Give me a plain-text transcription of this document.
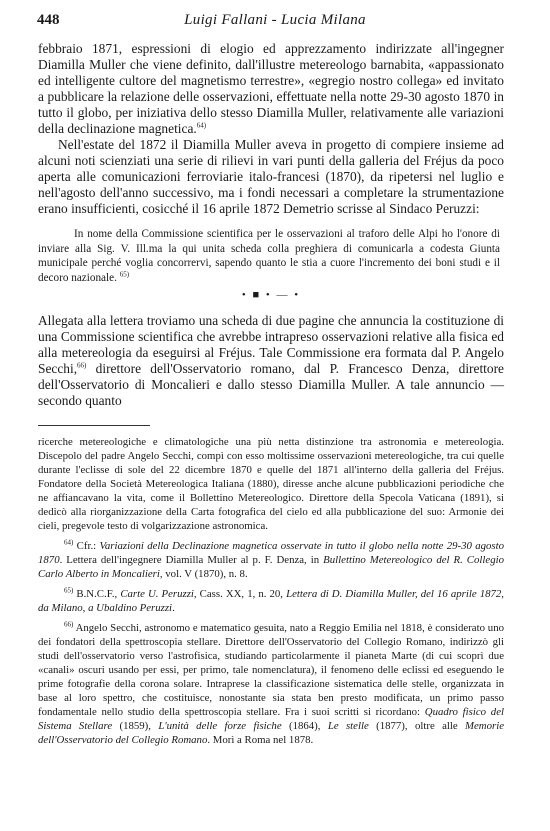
448	Luigi Fallani - Lucia Milana

febbraio 1871, espressioni di elogio ed apprezzamento indirizzate all'ingegner Diamilla Muller che viene definito, dall'illustre metereologo barnabita, «appassionato ed intelligente cultore del magnetismo terrestre», «egregio nostro collega» ed invitato a pubblicare la relazione delle osservazioni, effettuate nella notte 29-30 agosto 1870 in tutto il globo, per iniziativa dello stesso Diamilla Muller, relativamente alle variazioni della declinazione magnetica.$^{64)}$

Nell'estate del 1872 il Diamilla Muller aveva in progetto di compiere insieme ad alcuni noti scienziati una serie di rilievi in vari punti della galleria del Fréjus da poco aperta alle comunicazioni ferroviarie italo-francesi (1870), da ripetersi nel luglio e nell'agosto dell'anno successivo, ma i fondi necessari a completare la strumentazione erano insufficienti, cosicché il 16 aprile 1872 Demetrio scrisse al Sindaco Peruzzi:

In nome della Commissione scientifica per le osservazioni al traforo delle Alpi ho l'onore di inviare alla Sig. V. Ill.ma la qui unita scheda colla preghiera di comunicarla a codesta Giunta municipale perché voglia concorrervi, sapendo quanto le stia a cuore l'incremento dei boni studi e il decoro nazionale. $^{65)}$

• ■ • — •

Allegata alla lettera troviamo una scheda di due pagine che annuncia la costituzione di una Commissione scientifica che avrebbe intrapreso osservazioni relative alla fisica ed alla metereologia da eseguirsi al Fréjus. Tale Commissione era formata dal P. Angelo Secchi,$^{66)}$ direttore dell'Osservatorio romano, dal P. Francesco Denza, direttore dell'Osservatorio di Moncalieri e dallo stesso Diamilla Muller. A tale annuncio — secondo quanto

ricerche metereologiche e climatologiche una più netta distinzione tra astronomia e metereologia. Discepolo del padre Angelo Secchi, compì con esso moltissime osservazioni metereologiche, tra cui quelle durante l'eclisse di sole del 22 dicembre 1870 e quelle del 1871 all'interno della galleria del Fréjus. Fondatore della Società Metereologica Italiana (1880), diresse anche alcune pubblicazioni periodiche che ne affiancavano la vita, come il Bollettino Metereologico. Direttore della Specola Vaticana (1891), si dedicò alla riorganizzazione della Carta fotografica del cielo ed alla pubblicazione del suo: Armonie dei cieli, pregevole testo di volgarizzazione astronomica.

$^{64)}$ Cfr.: Variazioni della Declinazione magnetica osservate in tutto il globo nella notte 29-30 agosto 1870. Lettera dell'ingegnere Diamilla Muller al p. F. Denza, in Bullettino Metereologico del R. Collegio Carlo Alberto in Moncalieri, vol. V (1870), n. 8.

$^{65)}$ B.N.C.F., Carte U. Peruzzi, Cass. XX, 1, n. 20, Lettera di D. Diamilla Muller, del 16 aprile 1872, da Milano, a Ubaldino Peruzzi.

$^{66)}$ Angelo Secchi, astronomo e matematico gesuita, nato a Reggio Emilia nel 1818, è considerato uno dei fondatori della spettroscopia stellare. Direttore dell'Osservatorio del Collegio Romano, indirizzò gli studi dell'osservatorio verso l'astrofisica, studiando particolarmente il pianeta Marte (di cui scoprì due «canali» oscuri usando per essi, per primo, tale nomenclatura), il fenomeno delle eclissi ed eseguendo le prime fotografie della corona solare. Intraprese la classificazione sistematica delle stelle, organizzata in base al loro spettro, che costituisce, nonostante sia stata ben presto modificata, un primo passo fondamentale nello studio della spettroscopia stellare. Fra i suoi scritti si ricordano: Quadro fisico del Sistema Stellare (1859), L'unità delle forze fisiche (1864), Le stelle (1877), oltre alle Memorie dell'Osservatorio del Collegio Romano. Morì a Roma nel 1878.
